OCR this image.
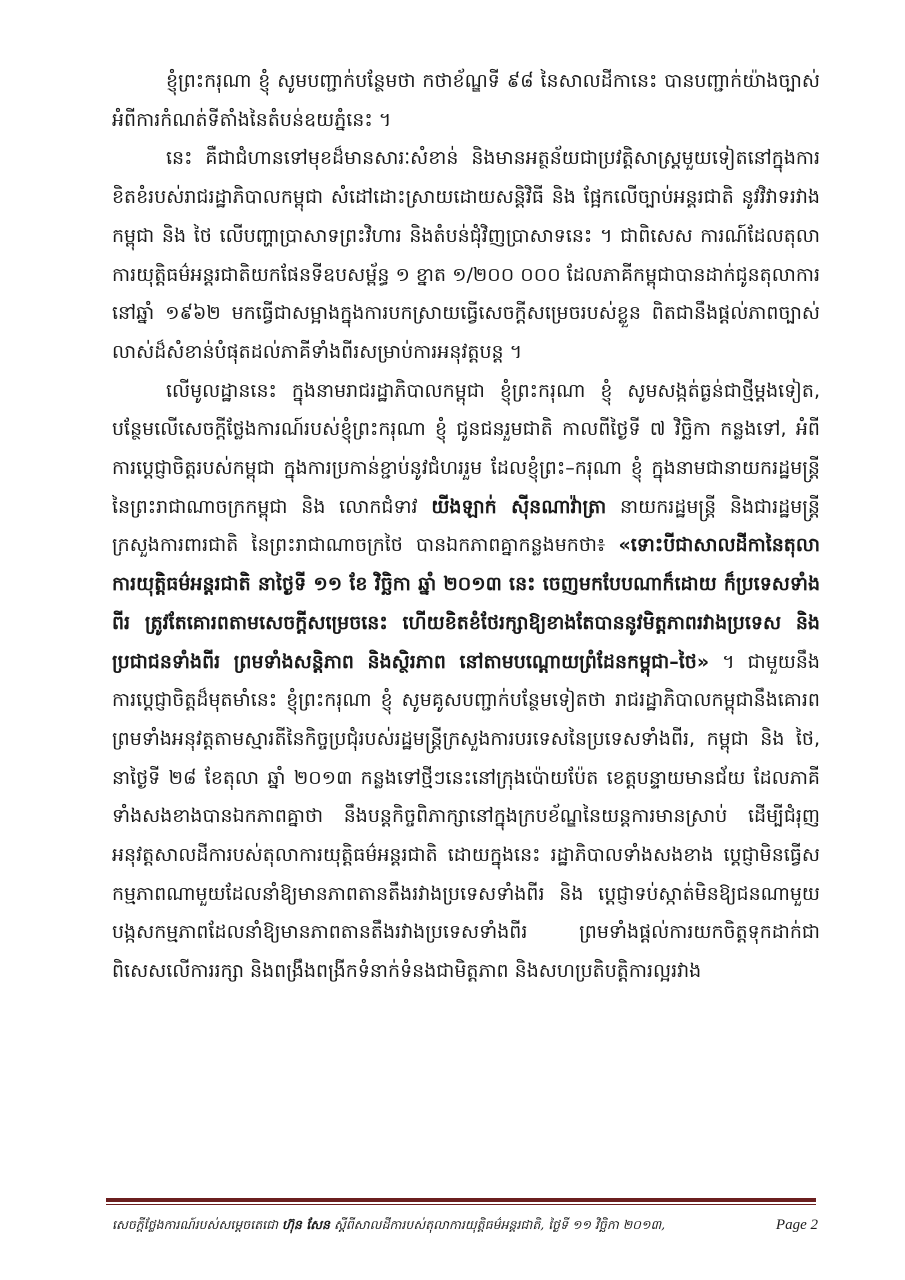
ខ្ញុំព្រះករុណា ខ្ញុំ សូមបញ្ជាក់បន្ថែមថា កថាខ័ណ្ឌទី ៩៨ នៃសាលដីកានេះ បានបញ្ជាក់យ៉ាងច្បាស់អំពីការកំណត់ទីតាំងនៃតំបន់ឧយភ្នំនេះ ។

នេះ គឺជាជំហានទៅមុខដ៏មានសារៈសំខាន់ និងមានអត្ថន័យជាប្រវត្តិសាស្ត្រមួយទៀតនៅក្នុងការខិតខំរបស់រាជរដ្ឋាភិបាលកម្ពុជា សំដៅដោះស្រាយដោយសន្តិវិធី និង ផ្អែកលើច្បាប់អន្តរជាតិ នូវវិវាទរវាងកម្ពុជា និង ថៃ លើបញ្ហាប្រាសាទព្រះវិហារ និងតំបន់ជុំវិញប្រាសាទនេះ ។ ជាពិសេស ការណ៍ដែលតុលាការយុត្តិធម៌អន្តរជាតិយកផែនទីឧបសម្ព័ន្ធ ១ ខ្នាត ១/២០០ ០០០ ដែលភាគីកម្ពុជាបានដាក់ជូនតុលាការនៅឆ្នាំ ១៩៦២ មកធ្វើជាសម្អាងក្នុងការបកស្រាយធ្វើសេចក្តីសម្រេចរបស់ខ្លួន ពិតជានឹងផ្តល់ភាពច្បាស់លាស់ដ៏សំខាន់បំផុតដល់ភាគីទាំងពីរសម្រាប់ការអនុវត្តបន្ត ។

លើមូលដ្ឋាននេះ ក្នុងនាមរាជរដ្ឋាភិបាលកម្ពុជា ខ្ញុំព្រះករុណា ខ្ញុំ សូមសង្កត់ធ្ងន់ជាថ្មីម្តងទៀត, បន្ថែមលើសេចក្តីថ្លែងការណ៍របស់ខ្ញុំព្រះករុណា ខ្ញុំ ជូនជនរួមជាតិ កាលពីថ្ងៃទី ៧ វិច្ឆិកា កន្លងទៅ, អំពីការប្តេជ្ញាចិត្តរបស់កម្ពុជា ក្នុងការប្រកាន់ខ្ជាប់នូវជំហររួម ដែលខ្ញុំព្រះ–ករុណា ខ្ញុំ ក្នុងនាមជានាយករដ្ឋមន្ត្រីនៃព្រះរាជាណាចក្រកម្ពុជា និង លោកជំទាវ យីងឡាក់ ស៊ីនណាវ៉ាត្រា នាយករដ្ឋមន្ត្រី និងជារដ្ឋមន្ត្រីក្រសួងការពារជាតិ នៃព្រះរាជាណាចក្រថៃ បានឯកភាពគ្នាកន្លងមកថា៖ «ទោះបីជាសាលដីកានៃតុលាការយុត្តិធម៌អន្តរជាតិ នាថ្ងៃទី ១១ ខែ វិច្ឆិកា ឆ្នាំ ២០១៣ នេះ ចេញមកបែបណាក៏ដោយ ក៏ប្រទេសទាំងពីរ ត្រូវតែគោរពតាមសេចក្តីសម្រេចនេះ ហើយខិតខំថែរក្សាឱ្យខាងតែបាននូវមិត្តភាពរវាងប្រទេស និង ប្រជាជនទាំងពីរ ព្រមទាំងសន្តិភាព និងស្ថិរភាព នៅតាមបណ្តោយព្រំដែនកម្ពុជា–ថៃ» ។ ជាមួយនឹងការប្តេជ្ញាចិត្តដ៏មុតមាំនេះ ខ្ញុំព្រះករុណា ខ្ញុំ សូមគូសបញ្ជាក់បន្ថែមទៀតថា រាជរដ្ឋាភិបាលកម្ពុជានឹងគោរព ព្រមទាំងអនុវត្តតាមស្មារតីនៃកិច្ចប្រជុំរបស់រដ្ឋមន្ត្រីក្រសួងការបរទេសនៃប្រទេសទាំងពីរ, កម្ពុជា និង ថៃ, នាថ្ងៃទី ២៨ ខែតុលា ឆ្នាំ ២០១៣ កន្លងទៅថ្មីៗនេះនៅក្រុងប៉ោយប៉ែត ខេត្តបន្ទាយមានជ័យ ដែលភាគីទាំងសងខាងបានឯកភាពគ្នាថា នឹងបន្តកិច្ចពិភាក្សានៅក្នុងក្របខ័ណ្ឌនៃយន្តការមានស្រាប់ ដើម្បីជំរុញអនុវត្តសាលដីការបស់តុលាការយុត្តិធម៌អន្តរជាតិ ដោយក្នុងនេះ រដ្ឋាភិបាលទាំងសងខាង ប្តេជ្ញាមិនធ្វើសកម្មភាពណាមួយដែលនាំឱ្យមានភាពតានតឹងរវាងប្រទេសទាំងពីរ និង ប្តេជ្ញាទប់ស្កាត់មិនឱ្យជនណាមួយបង្កសកម្មភាពដែលនាំឱ្យមានភាពតានតឹងរវាងប្រទេសទាំងពីរ ព្រមទាំងផ្តល់ការយកចិត្តទុកដាក់ជាពិសេសលើការរក្សា និងពង្រឹងពង្រីកទំនាក់ទំនងជាមិត្តភាព និងសហប្រតិបត្តិការល្អរវាង

សេចក្តីថ្លែងការណ៍របស់សម្តេចតេជោ ហ៊ុន សែន ស្តីពីសាលដីការបស់តុលាការយុត្តិធម៌អន្តរជាតិ, ថ្ងៃទី ១១ វិច្ឆិកា ២០១៣,	Page 2
